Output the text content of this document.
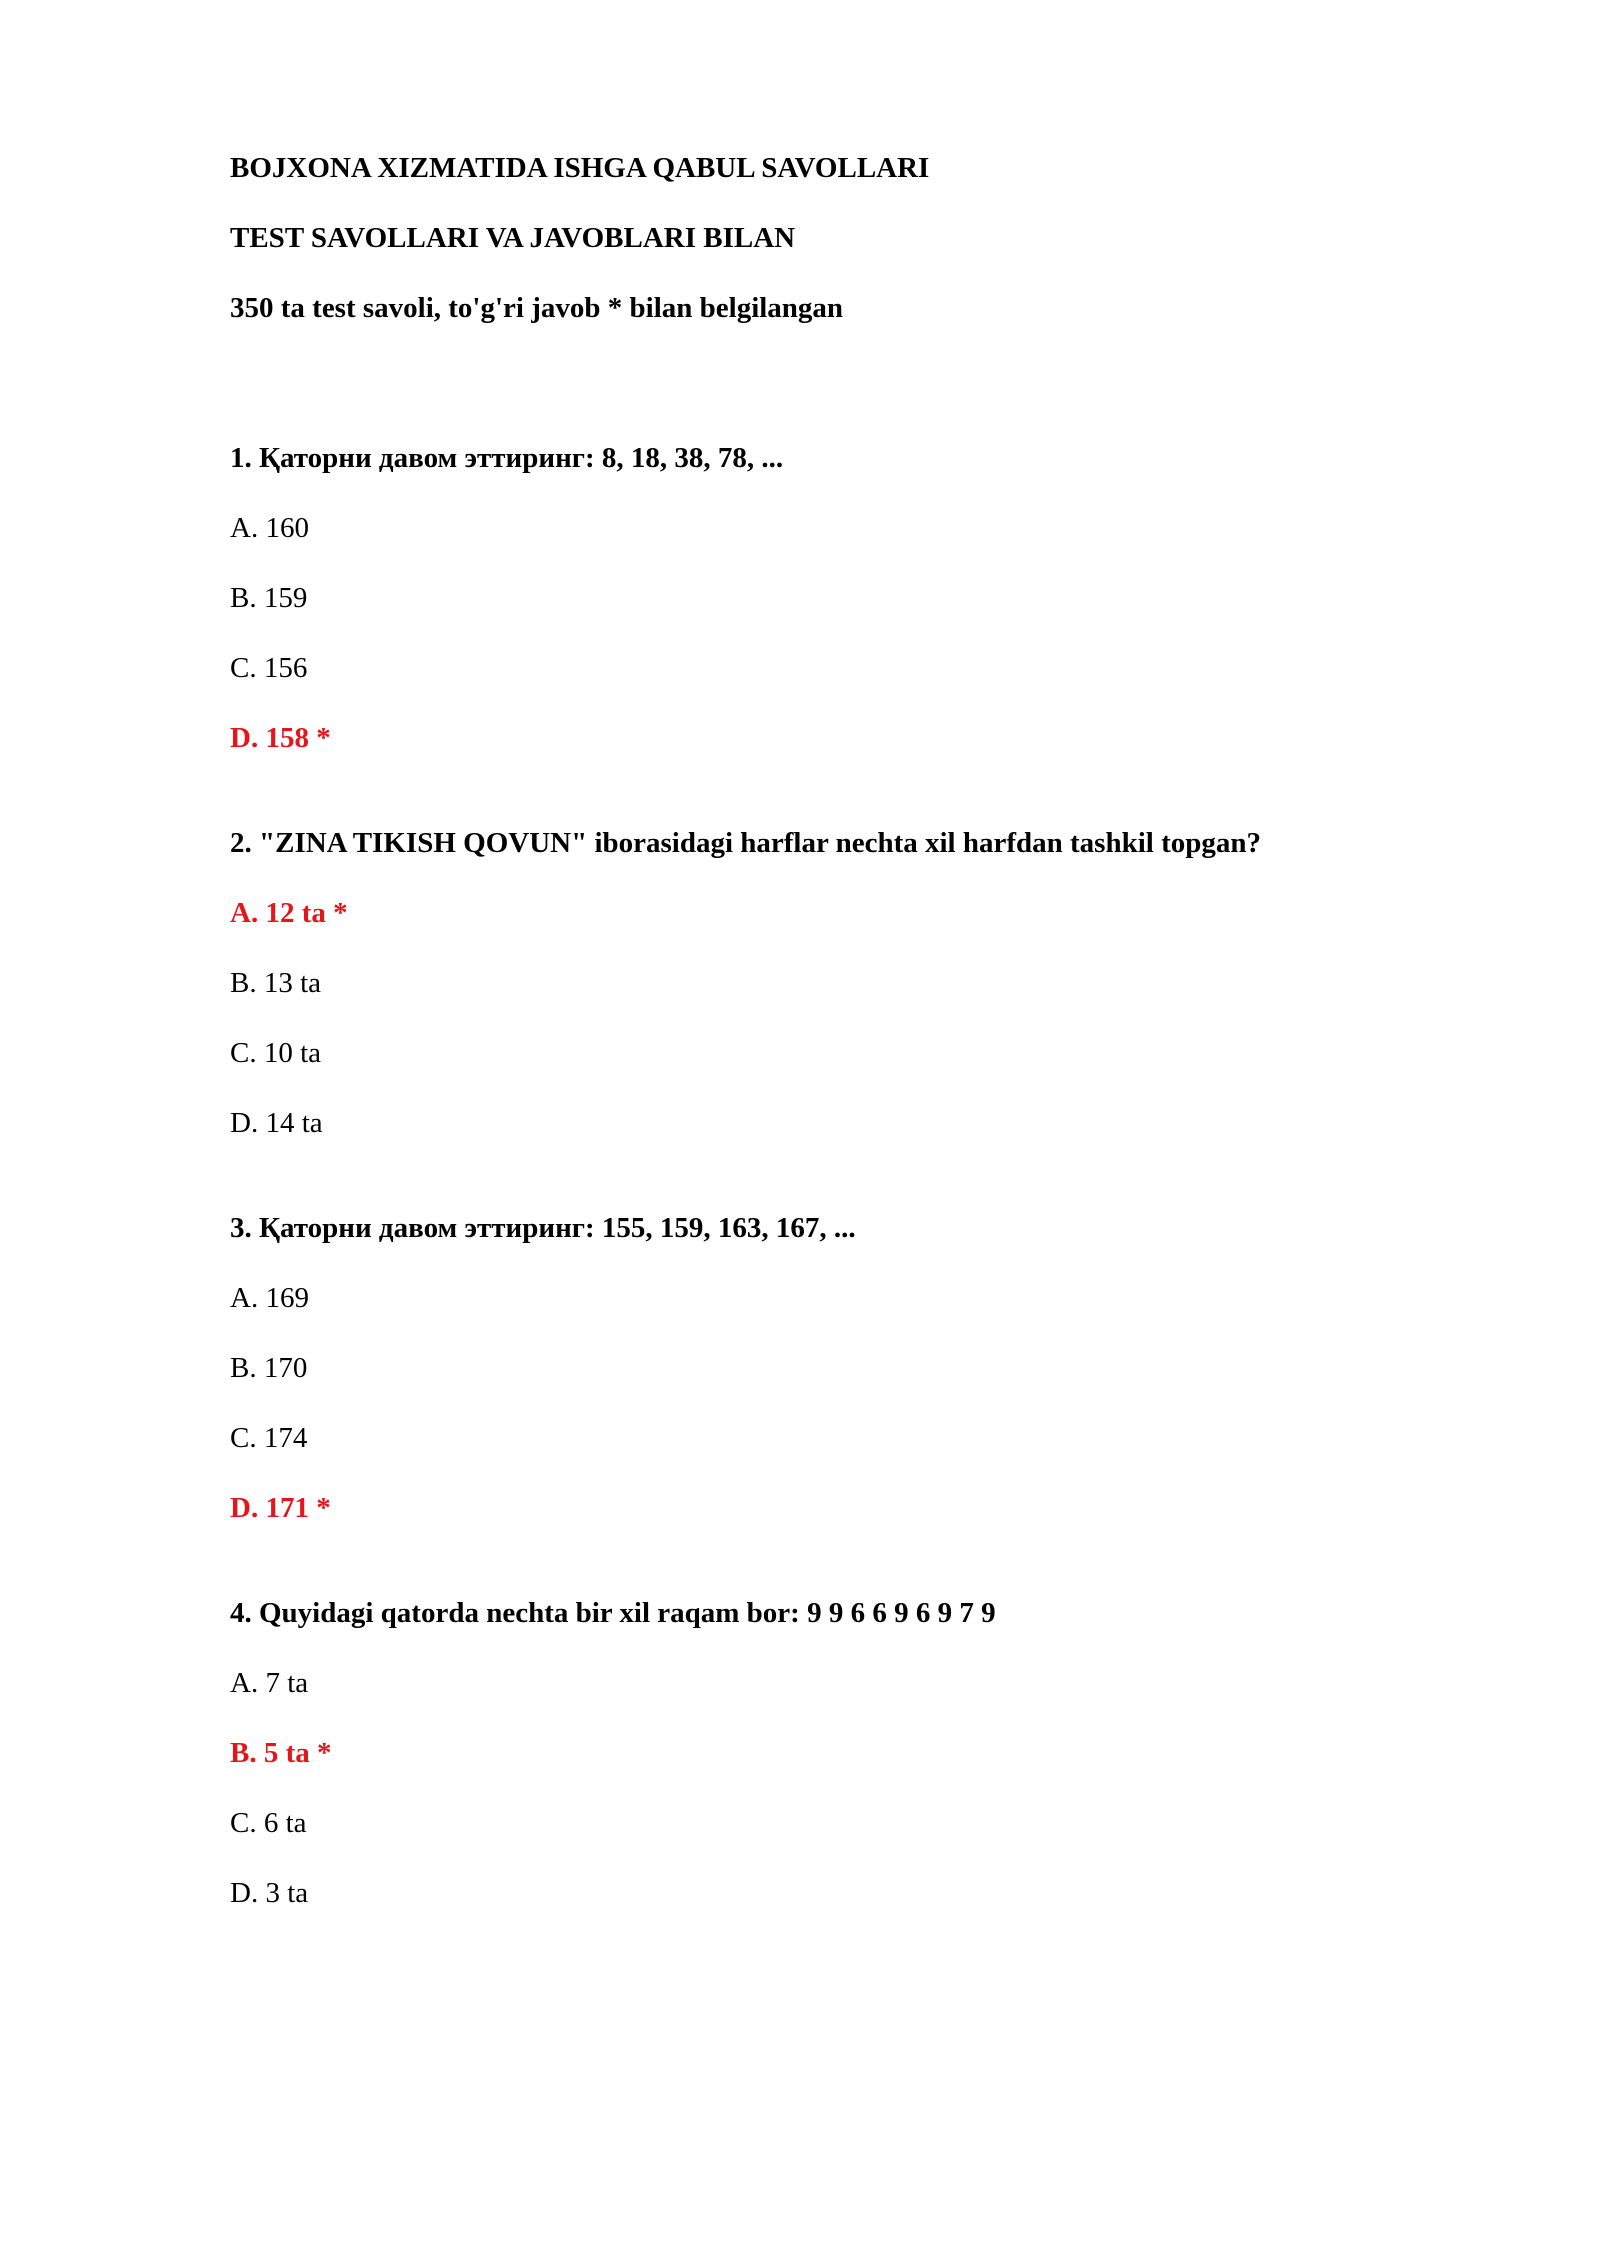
BOJXONA XIZMATIDA ISHGA QABUL SAVOLLARI
TEST SAVOLLARI VA JAVOBLARI BILAN
350 ta test savoli, to'g'ri javob * bilan belgilangan
1. Қаторни давом эттиринг: 8, 18, 38, 78, ...
A. 160
B. 159
C. 156
D. 158 *
2. "ZINA TIKISH QOVUN" iborasidagi harflar nechta xil harfdan tashkil topgan?
A. 12 ta *
B. 13 ta
C. 10 ta
D. 14 ta
3. Қаторни давом эттиринг: 155, 159, 163, 167, ...
A. 169
B. 170
C. 174
D. 171 *
4. Quyidagi qatorda nechta bir xil raqam bor: 9 9 6 6 9 6 9 7 9
A. 7 ta
B. 5 ta *
C. 6 ta
D. 3 ta
